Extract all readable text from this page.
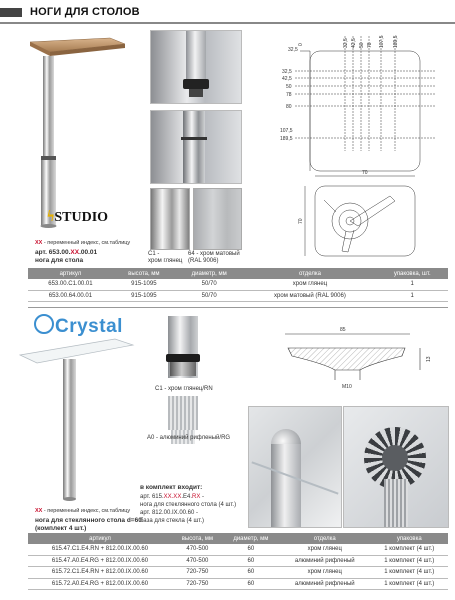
НОГИ ДЛЯ СТОЛОВ
ϟSTUDIO
XX - переменный индекс, см.таблицу
арт. 653.00.XX.00.01
нога для стола
C1 -
хром глянец
64 - хром матовый
(RAL 9006)
32,5
32,5
42,5
50
78
80
107,5
189,5
0	32,5 42,5 50 78 107,5 189,5
70
70
артикул	высота, мм	диаметр, мм	отделка	упаковка, шт.
653.00.C1.00.01	915-1095	50/70	хром глянец	1
653.00.64.00.01	915-1095	50/70	хром матовый (RAL 9006)	1
Crystal
XX - переменный индекс, см.таблицу
нога для стеклянного стола d=60
(комплект 4 шт.)
C1 - хром глянец/RN
A0 - алюминий рифленый/RG
в комплект входит:
арт. 615.XX.XX.E4.RX -
нога для стеклянного стола (4 шт.)
арт. 812.00.IX.00.60 -
база для стекла (4 шт.)
85
M10
13
артикул	высота, мм	диаметр, мм	отделка	упаковка
615.47.C1.E4.RN + 812.00.IX.00.60	470-500	60	хром глянец	1 комплект (4 шт.)
615.47.A0.E4.RG + 812.00.IX.00.60	470-500	60	алюминий рифленый	1 комплект (4 шт.)
615.72.C1.E4.RN + 812.00.IX.00.60	720-750	60	хром глянец	1 комплект (4 шт.)
615.72.A0.E4.RG + 812.00.IX.00.60	720-750	60	алюминий рифленый	1 комплект (4 шт.)
